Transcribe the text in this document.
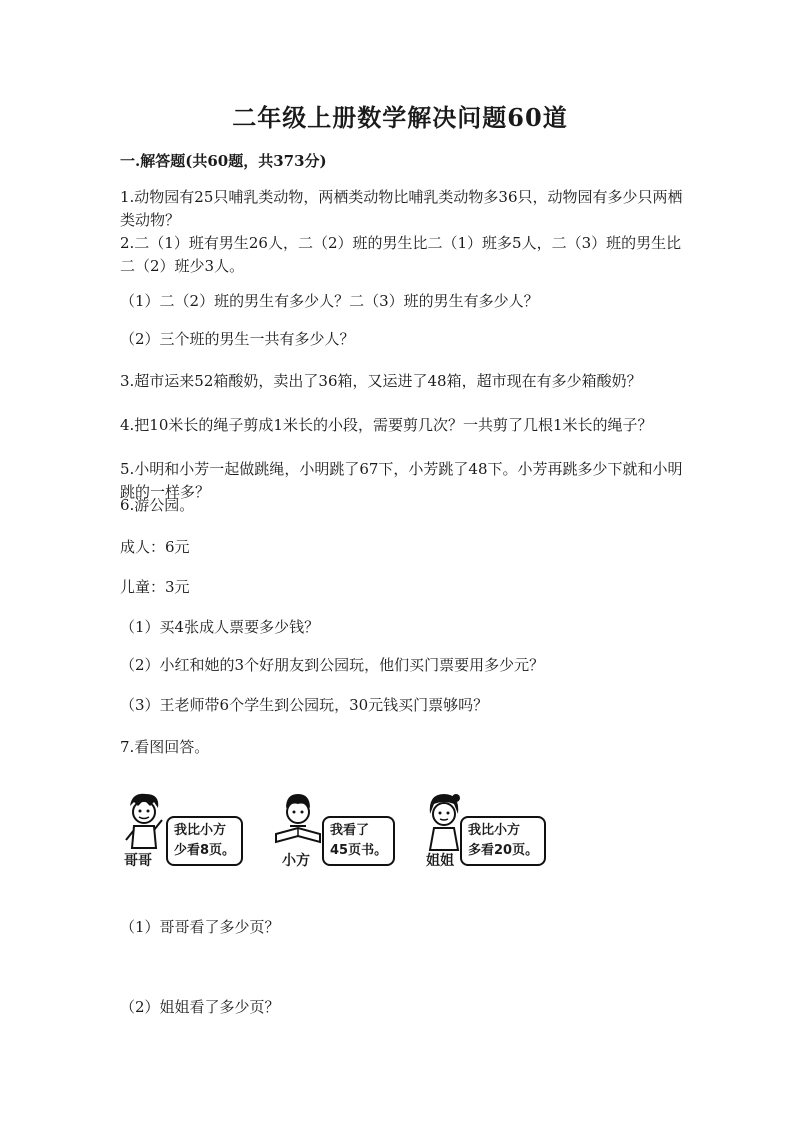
二年级上册数学解决问题60道
一.解答题(共60题，共373分)
1.动物园有25只哺乳类动物，两栖类动物比哺乳类动物多36只，动物园有多少只两栖类动物？
2.二（1）班有男生26人，二（2）班的男生比二（1）班多5人，二（3）班的男生比二（2）班少3人。
（1）二（2）班的男生有多少人？二（3）班的男生有多少人？
（2）三个班的男生一共有多少人？
3.超市运来52箱酸奶，卖出了36箱，又运进了48箱，超市现在有多少箱酸奶？
4.把10米长的绳子剪成1米长的小段，需要剪几次？一共剪了几根1米长的绳子？
5.小明和小芳一起做跳绳，小明跳了67下，小芳跳了48下。小芳再跳多少下就和小明跳的一样多？
6.游公园。
成人：6元
儿童：3元
（1）买4张成人票要多少钱？
（2）小红和她的3个好朋友到公园玩，他们买门票要用多少元？
（3）王老师带6个学生到公园玩，30元钱买门票够吗？
7.看图回答。
我比小方
少看8页。
哥哥
我看了
45页书。
小方
我比小方
多看20页。
姐姐
（1）哥哥看了多少页？
（2）姐姐看了多少页？
